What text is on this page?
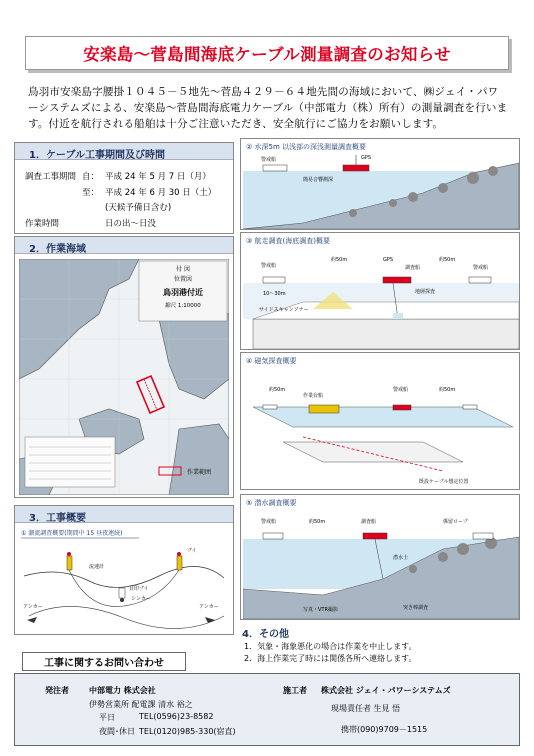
安楽島～菅島間海底ケーブル測量調査のお知らせ

鳥羽市安楽島字腰掛１０４５－５地先～菅島４２９－６４地先間の海域において、㈱ジェイ・パワーシステムズによる、安楽島～菅島間海底電力ケーブル（中部電力（株）所有）の測量調査を行います。付近を航行される船舶は十分ご注意いただき、安全航行にご協力をお願いします。

1．ケーブル工事期間及び時間
調査工事期間	自：	平成 24 年 5 月 7 日（月）
	至：	平成 24 年 6 月 30 日（土）
		(天候予備日含む)
作業時間		日の出～日没
2．作業海域
付 図
位置図
鳥羽港付近
縮尺 1:10000
作業範囲
3．工事概要
① 潮流調査概要(期間中 15 昼夜連続)
流速計
ブイ
アンカー	アンカー
シンカー
目印ブイ
② 水深5m 以浅部の深浅測量調査概要
警戒船	GPS
簡易音響測深
③ 航走調査(海底調査)概要
警戒船
約50m	GPS
調査船
約50m
警戒船
10～30m
サイドスキャンソナー
地層探査
④ 磁気探査概要
約50m
作業台船
警戒船	約50m
既設ケーブル想定位置
⑤ 潜水調査概要
警戒船	約50m	調査船	係留ロープ
潜水士
写真・VTR撮影	突き棒調査
4．その他
1．気象・海象悪化の場合は作業を中止します。
2．海上作業完了時には関係各所へ連絡します。
工事に関するお問い合わせ
発注者	中部電力 株式会社
伊勢営業所 配電課 清水 裕之
平日	TEL(0596)23-8582
夜間･休日 TEL(0120)985-330(宿直)
施工者 株式会社 ジェイ・パワーシステムズ
現場責任者 生見 悟
携帯(090)9709－1515
